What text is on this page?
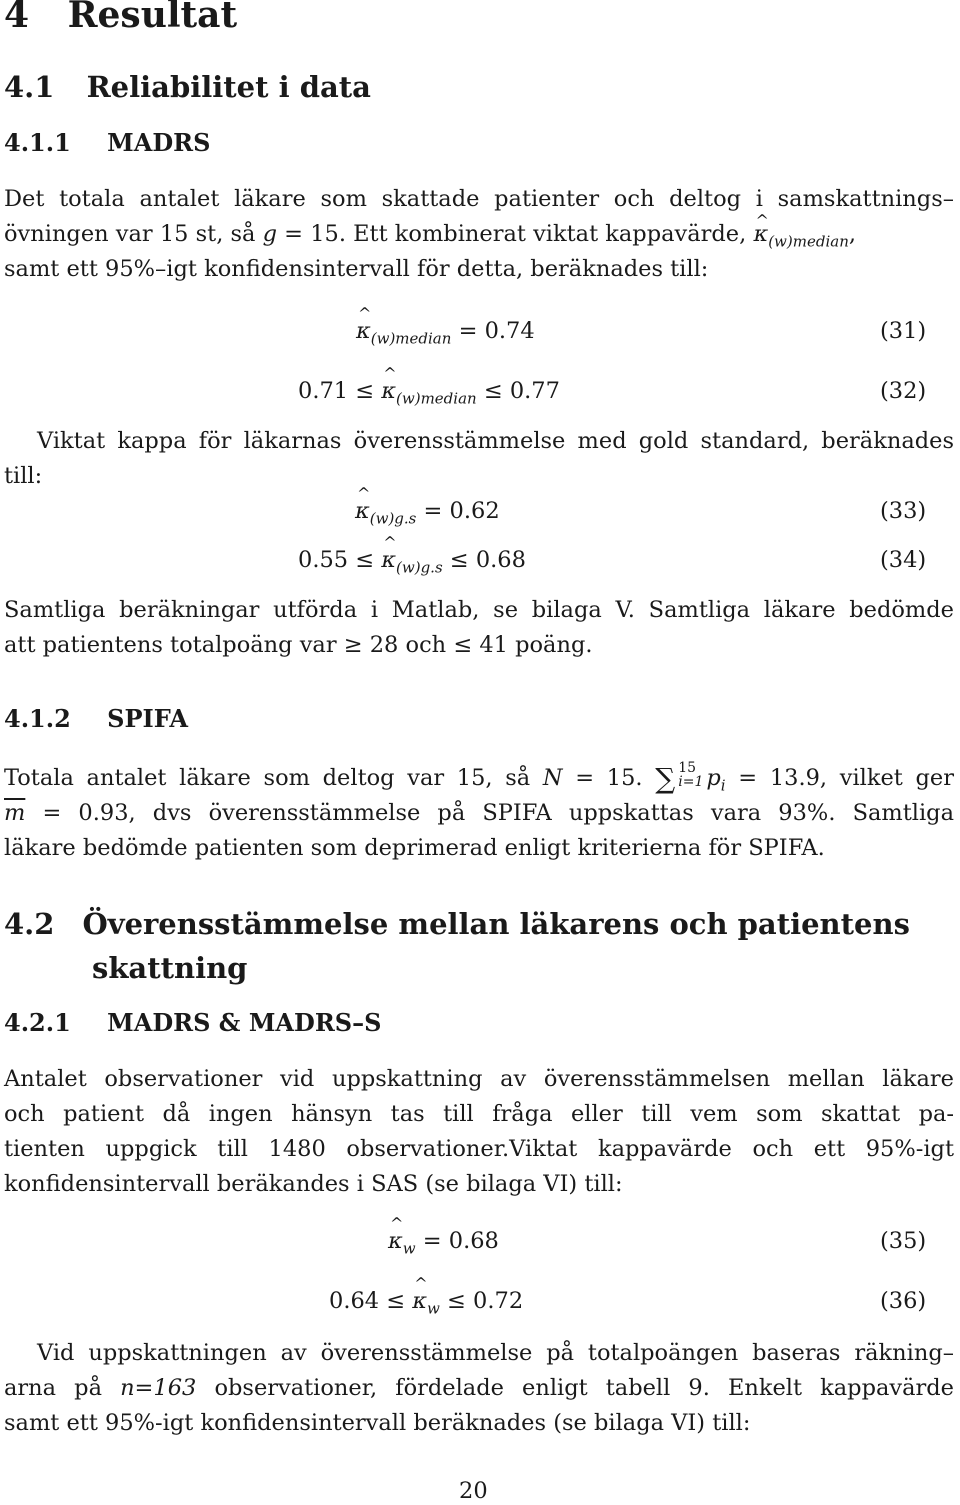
4 Resultat
4.1 Reliabilitet i data
4.1.1 MADRS
Det totala antalet läkare som skattade patienter och deltog i samskattnings–
övningen var 15 st, så g = 15. Ett kombinerat viktat kappavärde, ^ $\kappa_{(w)median}$,
samt ett 95%–igt konfidensintervall för detta, beräknades till:
^ $\kappa_{(w)median} = 0.74$	(31)
0.71 ≤ ^ $\kappa_{(w)median} \le 0.77$	(32)
Viktat kappa för läkarnas överensstämmelse med gold standard, beräknades
till:
^ $\kappa_{(w)g.s} = 0.62$	(33)
0.55 ≤ ^ $\kappa_{(w)g.s} \le 0.68$	(34)
Samtliga beräkningar utförda i Matlab, se bilaga V. Samtliga läkare bedömde
att patientens totalpoäng var ≥ 28 och ≤ 41 poäng.
4.1.2 SPIFA
Totala antalet läkare som deltog var 15, så N = 15. ∑ 15
i=1 $p_i = 13.9$, vilket ger
$\overline{m} = 0.93$, dvs överensstämmelse på SPIFA uppskattas vara 93%. Samtliga
läkare bedömde patienten som deprimerad enligt kriterierna för SPIFA.
4.2 Överensstämmelse mellan läkarens och patientens
skattning
4.2.1 MADRS & MADRS–S
Antalet observationer vid uppskattning av överensstämmelsen mellan läkare
och patient då ingen hänsyn tas till fråga eller till vem som skattat pa-
tienten uppgick till 1480 observationer.Viktat kappavärde och ett 95%-igt
konfidensintervall beräkandes i SAS (se bilaga VI) till:
^ $\kappa_w = 0.68$	(35)
0.64 ≤ ^ $\kappa_w \le 0.72$	(36)
Vid uppskattningen av överensstämmelse på totalpoängen baseras räkning–
arna på n=163 observationer, fördelade enligt tabell 9. Enkelt kappavärde
samt ett 95%-igt konfidensintervall beräknades (se bilaga VI) till:
20
